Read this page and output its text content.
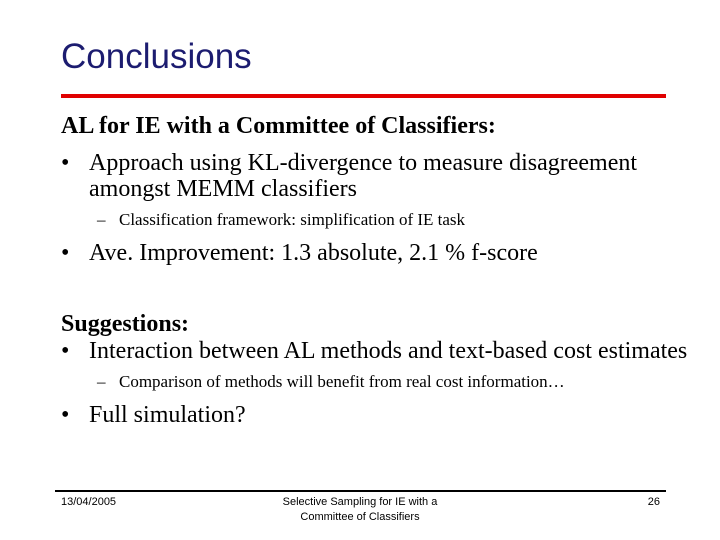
Conclusions
AL for IE with a Committee of Classifiers:
• Approach using KL-divergence to measure disagreement amongst MEMM classifiers
– Classification framework: simplification of IE task
• Ave. Improvement: 1.3 absolute, 2.1 % f-score
Suggestions:
• Interaction between AL methods and text-based cost estimates
– Comparison of methods will benefit from real cost information…
• Full simulation?
13/04/2005	Selective Sampling for IE with a
Committee of Classifiers
26
